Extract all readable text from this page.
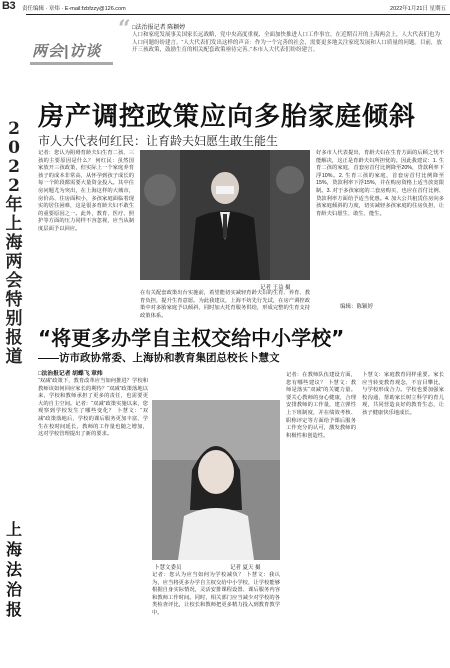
B3 责任编辑 · 章炜 · E-mail:fzbfzzy@126.com	2022年1月21日 星期五
2
0
2
2
年
上
海
两
会
特
别
报
道
上
海
法
治
报
两会|访谈
“ □法治报记者 陈颖婷
人口和家庭发展事关国家长远战略，党中央高度重视、全面加快推进人口工作事宜。在近期召开的上海两会上，人大代表们也为人口问题纷纷建言。“人大代表们发出这样的声音：作为一个完善的社会，需要更多地关注家庭发展和人口质量的问题。目前，放开三孩政策，鼓励生育的相关配套政策亟待完善。”本市人大代表们纷纷建言。
房产调控政策应向多胎家庭倾斜
市人大代表何红民：让育龄夫妇愿生敢生能生
记者：您认为阻碍育龄夫妇生育二孩、三孩的主要原因是什么？ 何红民：虽然国家放开三孩政策，但实际上一个家庭养育孩子的成本非常高，从怀孕到孩子成长的每一个阶段都需要大量资金投入。其中住房问题尤为突出，在上海这样的大城市，房价高、住房面积小，多孩家庭面临着现实的居住困难，这是很多育龄夫妇不敢生的重要原因之一。此外，教育、医疗、照护等方面的压力同样不容忽视，应当从制度层面予以回应。
记者 王益 摄
在有关配套政策出台实施前，希望能切实减轻育龄夫妇的生育、养育、教育负担，提升生育意愿。为此我建议，上海不妨先行先试，在房产调控政策中对多胎家庭予以倾斜，同时加大托育服务供给，形成完整的生育支持政策体系。
好多市人代表提出，育龄夫妇在生育方面的后顾之忧不能解决，这正是育龄夫妇所担忧的。因此我建议：1. 生育二孩的家庭，首套房首付比例降至20%，贷款利率下浮10%。2. 生育三孩的家庭，首套房首付比例降至15%，贷款利率下浮15%，并在购房资格上适当放宽限制。3. 对于多孩家庭的二套房购买，也应在首付比例、贷款利率方面给予适当优惠。4. 加大公共租赁住房向多孩家庭倾斜的力度，切实减轻多孩家庭的住房负担，让育龄夫妇愿生、敢生、能生。
编辑：陈颖婷
“将更多办学自主权交给中小学校”
——访市政协常委、上海协和教育集团总校长卜慧文
□法治报记者 胡蝶飞 章炜
“双减”政策下，教育改革应当如何推进？学校和教师该如何回应家长的期待？“双减”政策落地以来，学校和教师承担了更多的责任，也需要更大的自主空间。记者：“双减”政策实施以来，您观察到学校发生了哪些变化？ 卜慧文：“双减”政策落地后，学校的课后服务更加丰富，学生在校时间延长，教师的工作量也随之增加，这对学校管理提出了新的要求。
卜慧文委员	记者 夏天 摄
记者：您认为应当如何为学校减负？ 卜慧文：我认为，应当将更多办学自主权交给中小学校，让学校能够根据自身实际情况，灵活安排课程设置、课后服务内容和教师工作时间。同时，相关部门应当减少对学校的各类检查评比，让校长和教师把更多精力投入到教育教学中。
记者：在教师队伍建设方面，您有哪些建议？ 卜慧文：教师是落实“双减”的关键力量。要关心教师的身心健康，合理安排教师的工作量，建立弹性上下班制度，并在绩效考核、职称评定等方面给予课后服务工作充分的认可，激发教师的积极性和创造性。
卜慧文：家庭教育同样重要。家长应当转变教育观念，不盲目攀比，与学校形成合力。学校也要加强家校沟通，帮助家长树立科学的育儿观，共同营造良好的教育生态，让孩子健康快乐地成长。
